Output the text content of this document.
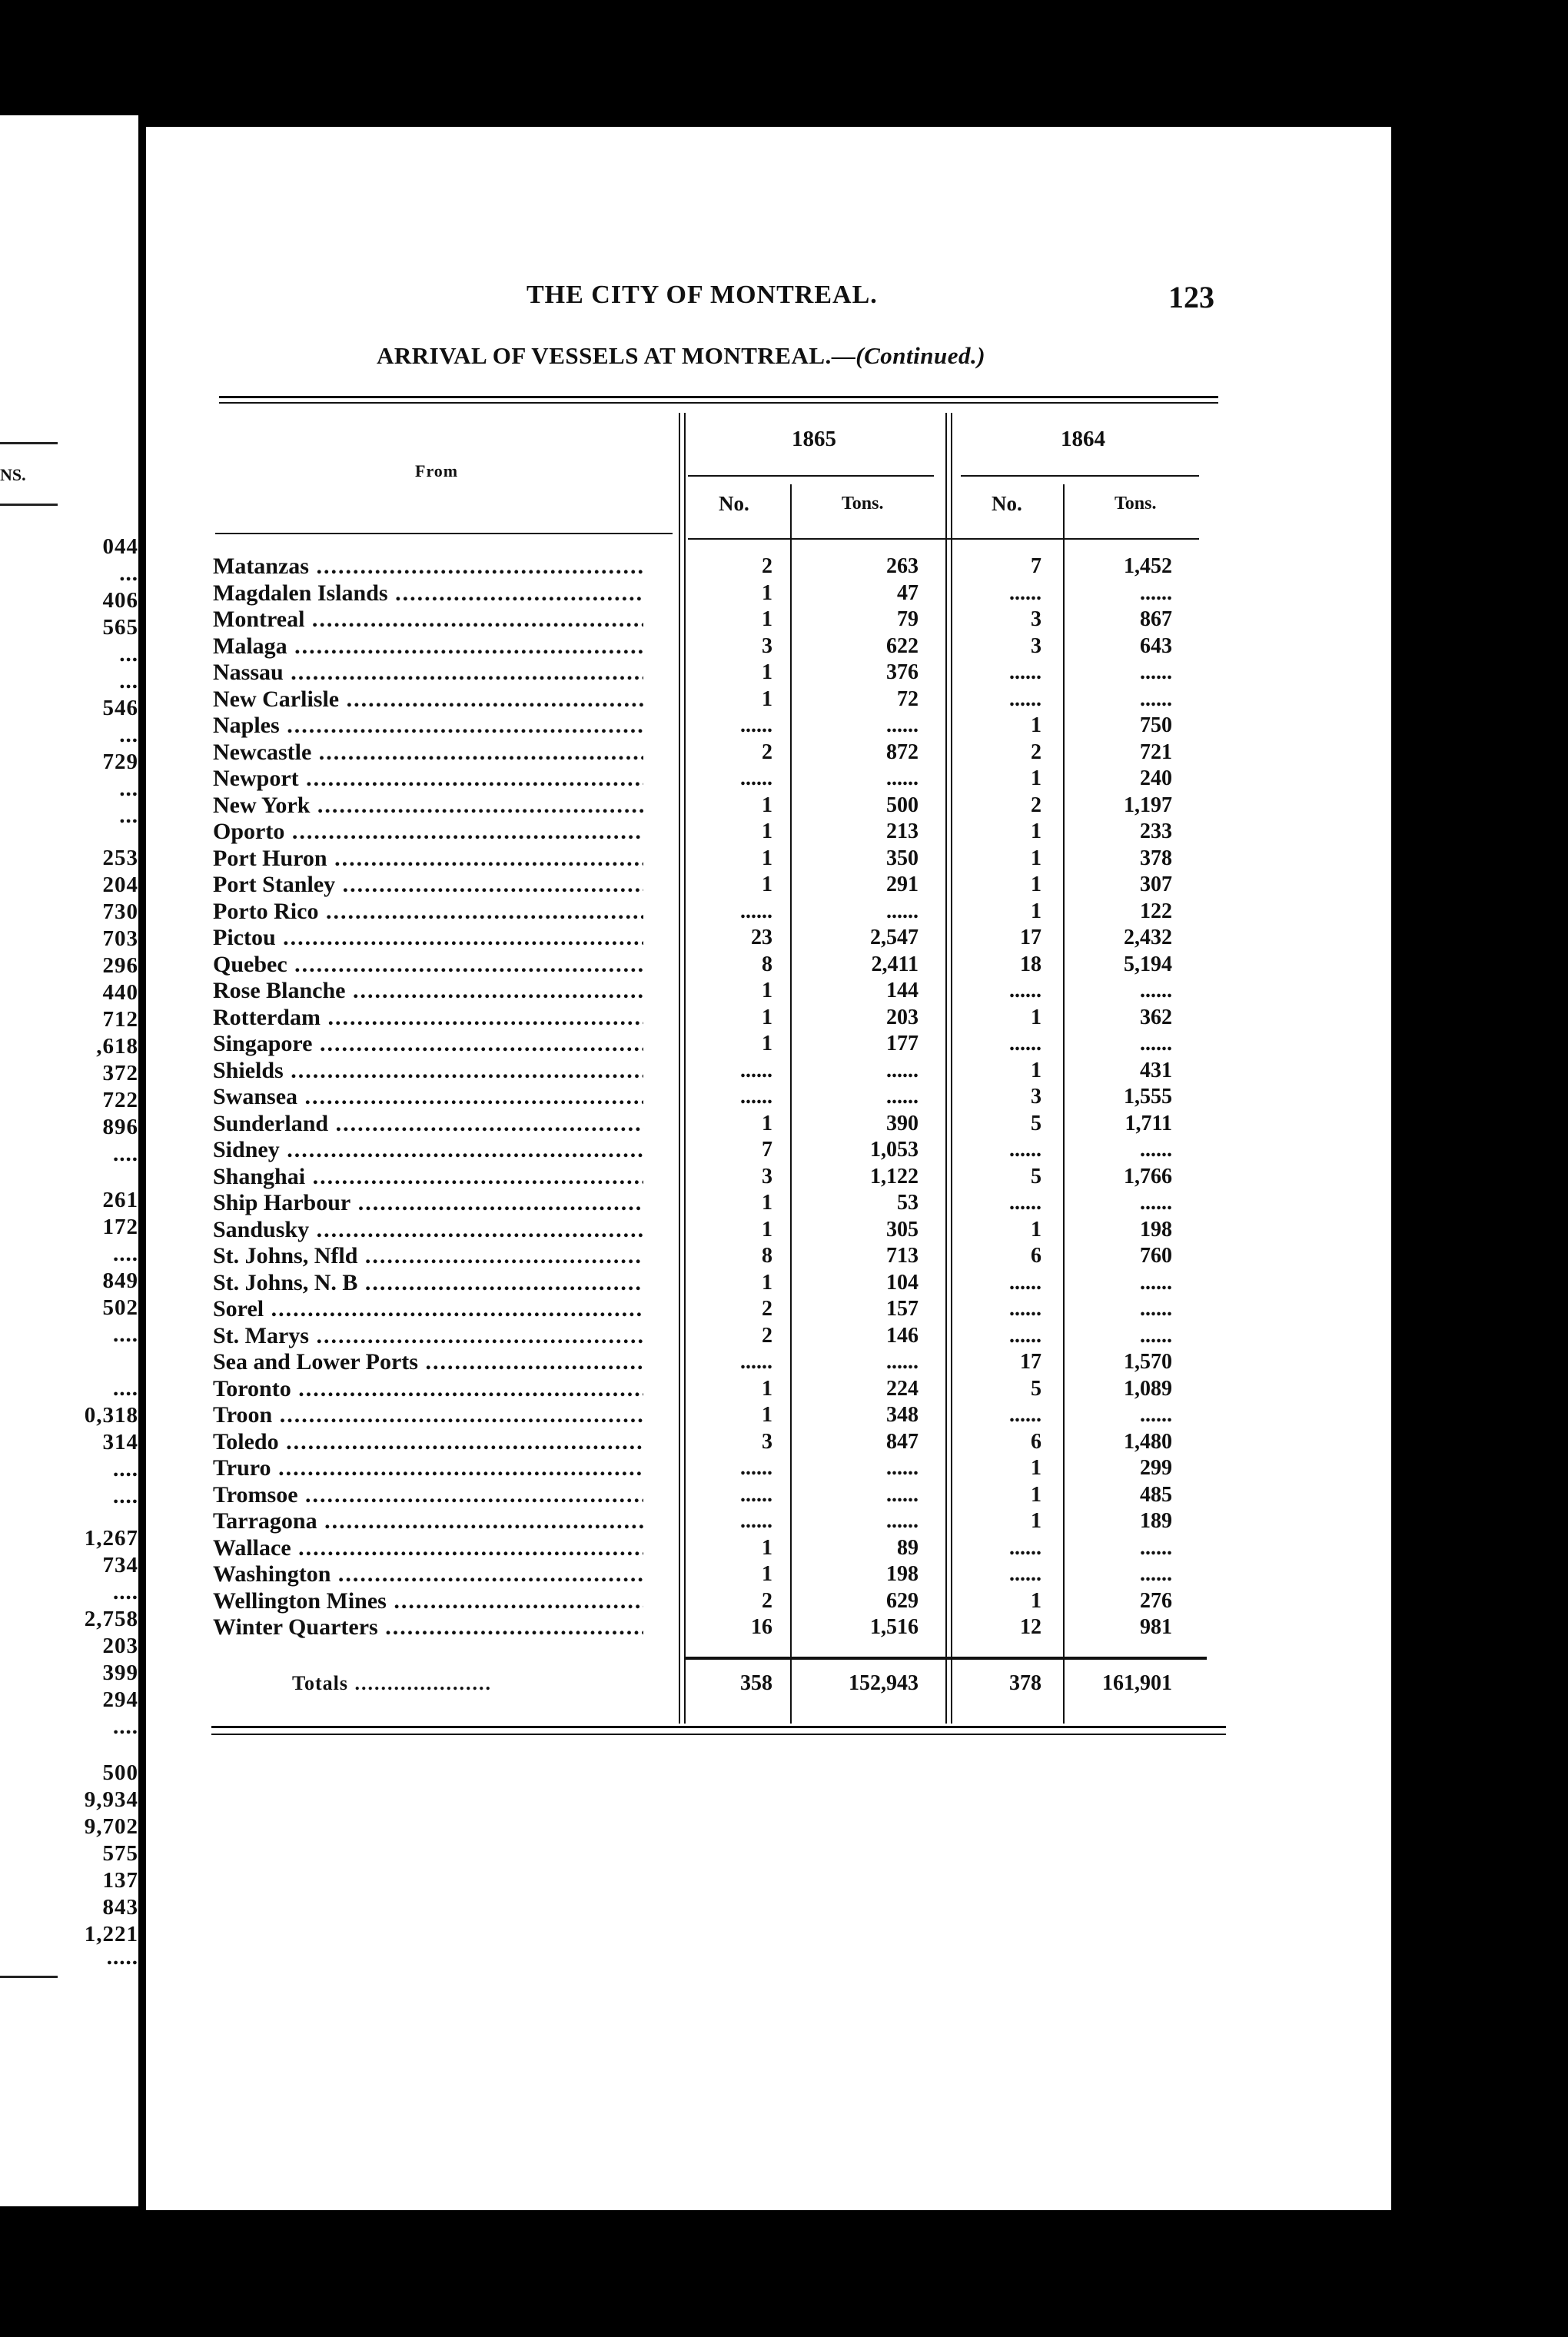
NS.
044
...
406
565
...
...
546
...
729
...
...
253
204
730
703
296
440
712
,618
372
722
896
....
261
172
....
849
502
....
....
0,318
314
....
....
1,267
734
....
2,758
203
399
294
....
500
9,934
9,702
575
137
843
1,221
.....
THE CITY OF MONTREAL.	123
ARRIVAL OF VESSELS AT MONTREAL.—(Continued.)
From
1865	1864
No.	Tons.	No.	Tons.
Matanzas .....	2	263	7	1,452
Magdalen Islands .....	1	47	......	......
Montreal .....	1	79	3	867
Malaga .....	3	622	3	643
Nassau .....	1	376	......	......
New Carlisle .....	1	72	......	......
Naples .....	......	......	1	750
Newcastle .....	2	872	2	721
Newport .....	......	......	1	240
New York .....	1	500	2	1,197
Oporto .....	1	213	1	233
Port Huron .....	1	350	1	378
Port Stanley .....	1	291	1	307
Porto Rico .....	......	......	1	122
Pictou .....	23	2,547	17	2,432
Quebec .....	8	2,411	18	5,194
Rose Blanche .....	1	144	......	......
Rotterdam .....	1	203	1	362
Singapore .....	1	177	......	......
Shields .....	......	......	1	431
Swansea .....	......	......	3	1,555
Sunderland .....	1	390	5	1,711
Sidney .....	7	1,053	......	......
Shanghai .....	3	1,122	5	1,766
Ship Harbour .....	1	53	......	......
Sandusky .....	1	305	1	198
St. Johns, Nfld .....	8	713	6	760
St. Johns, N. B .....	1	104	......	......
Sorel .....	2	157	......	......
St. Marys .....	2	146	......	......
Sea and Lower Ports .....	......	......	17	1,570
Toronto .....	1	224	5	1,089
Troon .....	1	348	......	......
Toledo .....	3	847	6	1,480
Truro .....	......	......	1	299
Tromsoe .....	......	......	1	485
Tarragona .....	......	......	1	189
Wallace .....	1	89	......	......
Washington .....	1	198	......	......
Wellington Mines .....	2	629	1	276
Winter Quarters .....	16	1,516	12	981
Totals .....	358	152,943	378	161,901
